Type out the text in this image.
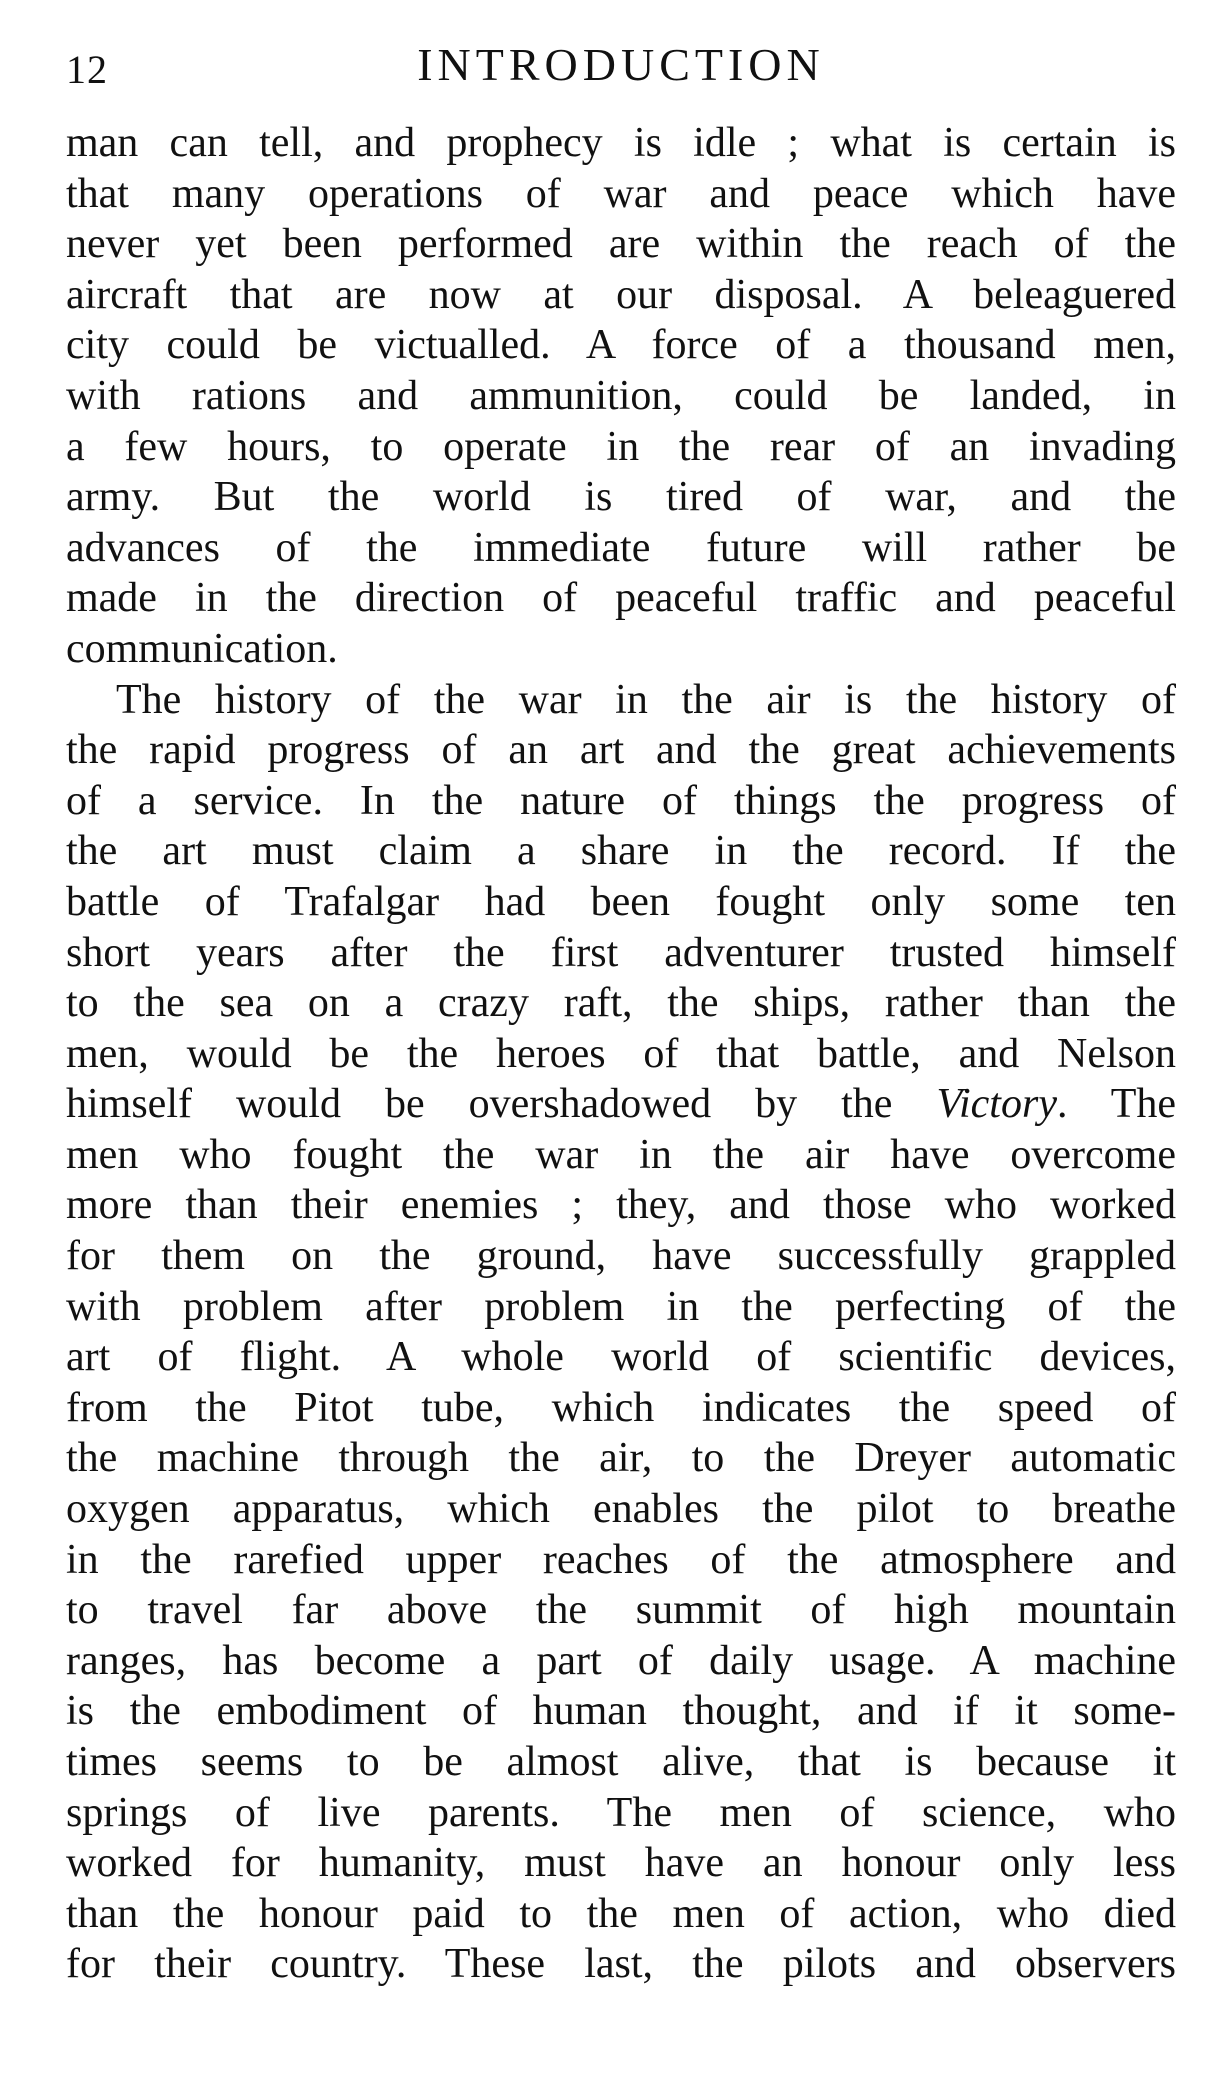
12	INTRODUCTION
man can tell, and prophecy is idle ; what is certain is
that many operations of war and peace which have
never yet been performed are within the reach of the
aircraft that are now at our disposal. A beleaguered
city could be victualled. A force of a thousand men,
with rations and ammunition, could be landed, in
a few hours, to operate in the rear of an invading
army. But the world is tired of war, and the
advances of the immediate future will rather be
made in the direction of peaceful traffic and peaceful
communication.
The history of the war in the air is the history of
the rapid progress of an art and the great achievements
of a service. In the nature of things the progress of
the art must claim a share in the record. If the
battle of Trafalgar had been fought only some ten
short years after the first adventurer trusted himself
to the sea on a crazy raft, the ships, rather than the
men, would be the heroes of that battle, and Nelson
himself would be overshadowed by the Victory. The
men who fought the war in the air have overcome
more than their enemies ; they, and those who worked
for them on the ground, have successfully grappled
with problem after problem in the perfecting of the
art of flight. A whole world of scientific devices,
from the Pitot tube, which indicates the speed of
the machine through the air, to the Dreyer automatic
oxygen apparatus, which enables the pilot to breathe
in the rarefied upper reaches of the atmosphere and
to travel far above the summit of high mountain
ranges, has become a part of daily usage. A machine
is the embodiment of human thought, and if it some-
times seems to be almost alive, that is because it
springs of live parents. The men of science, who
worked for humanity, must have an honour only less
than the honour paid to the men of action, who died
for their country. These last, the pilots and observers
